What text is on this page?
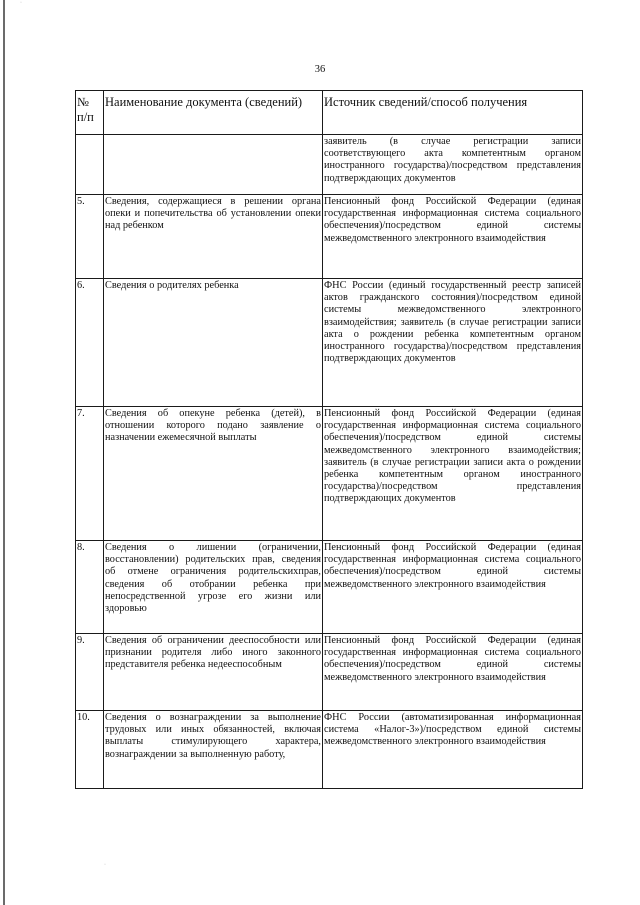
·
·
36
№ п/п	Наименование документа (сведений)	Источник сведений/способ получения
		заявитель (в случае регистрации записи соответствующего акта компетентным органом иностранного государства)/посредством представления подтверждающих документов
5.	Сведения, содержащиеся в решении органа опеки и попечительства об установлении опеки над ребенком	Пенсионный фонд Российской Федерации (единая государственная информационная система социального обеспечения)/посредством единой системы межведомственного электронного взаимодействия
6.	Сведения о родителях ребенка	ФНС России (единый государственный реестр записей актов гражданского состояния)/посредством единой системы межведомственного электронного взаимодействия; заявитель (в случае регистрации записи акта о рождении ребенка компетентным органом иностранного государства)/посредством представления подтверждающих документов
7.	Сведения об опекуне ребенка (детей), в отношении которого подано заявление о назначении ежемесячной выплаты	Пенсионный фонд Российской Федерации (единая государственная информационная система социального обеспечения)/посредством единой системы межведомственного электронного взаимодействия; заявитель (в случае регистрации записи акта о рождении ребенка компетентным органом иностранного государства)/посредством представления подтверждающих документов
8.	Сведения о лишении (ограничении, восстановлении) родительских прав, сведения об отмене ограничения родительскихправ, сведения об отобрании ребенка при непосредственной угрозе его жизни или здоровью	Пенсионный фонд Российской Федерации (единая государственная информационная система социального обеспечения)/посредством единой системы межведомственного электронного взаимодействия
9.	Сведения об ограничении дееспособности или признании родителя либо иного законного представителя ребенка недееспособным	Пенсионный фонд Российской Федерации (единая государственная информационная система социального обеспечения)/посредством единой системы межведомственного электронного взаимодействия
10.	Сведения о вознаграждении за выполнение трудовых или иных обязанностей, включая выплаты стимулирующего характера, вознаграждении за выполненную работу,	ФНС России (автоматизированная информационная система «Налог-3»)/посредством единой системы межведомственного электронного взаимодействия
